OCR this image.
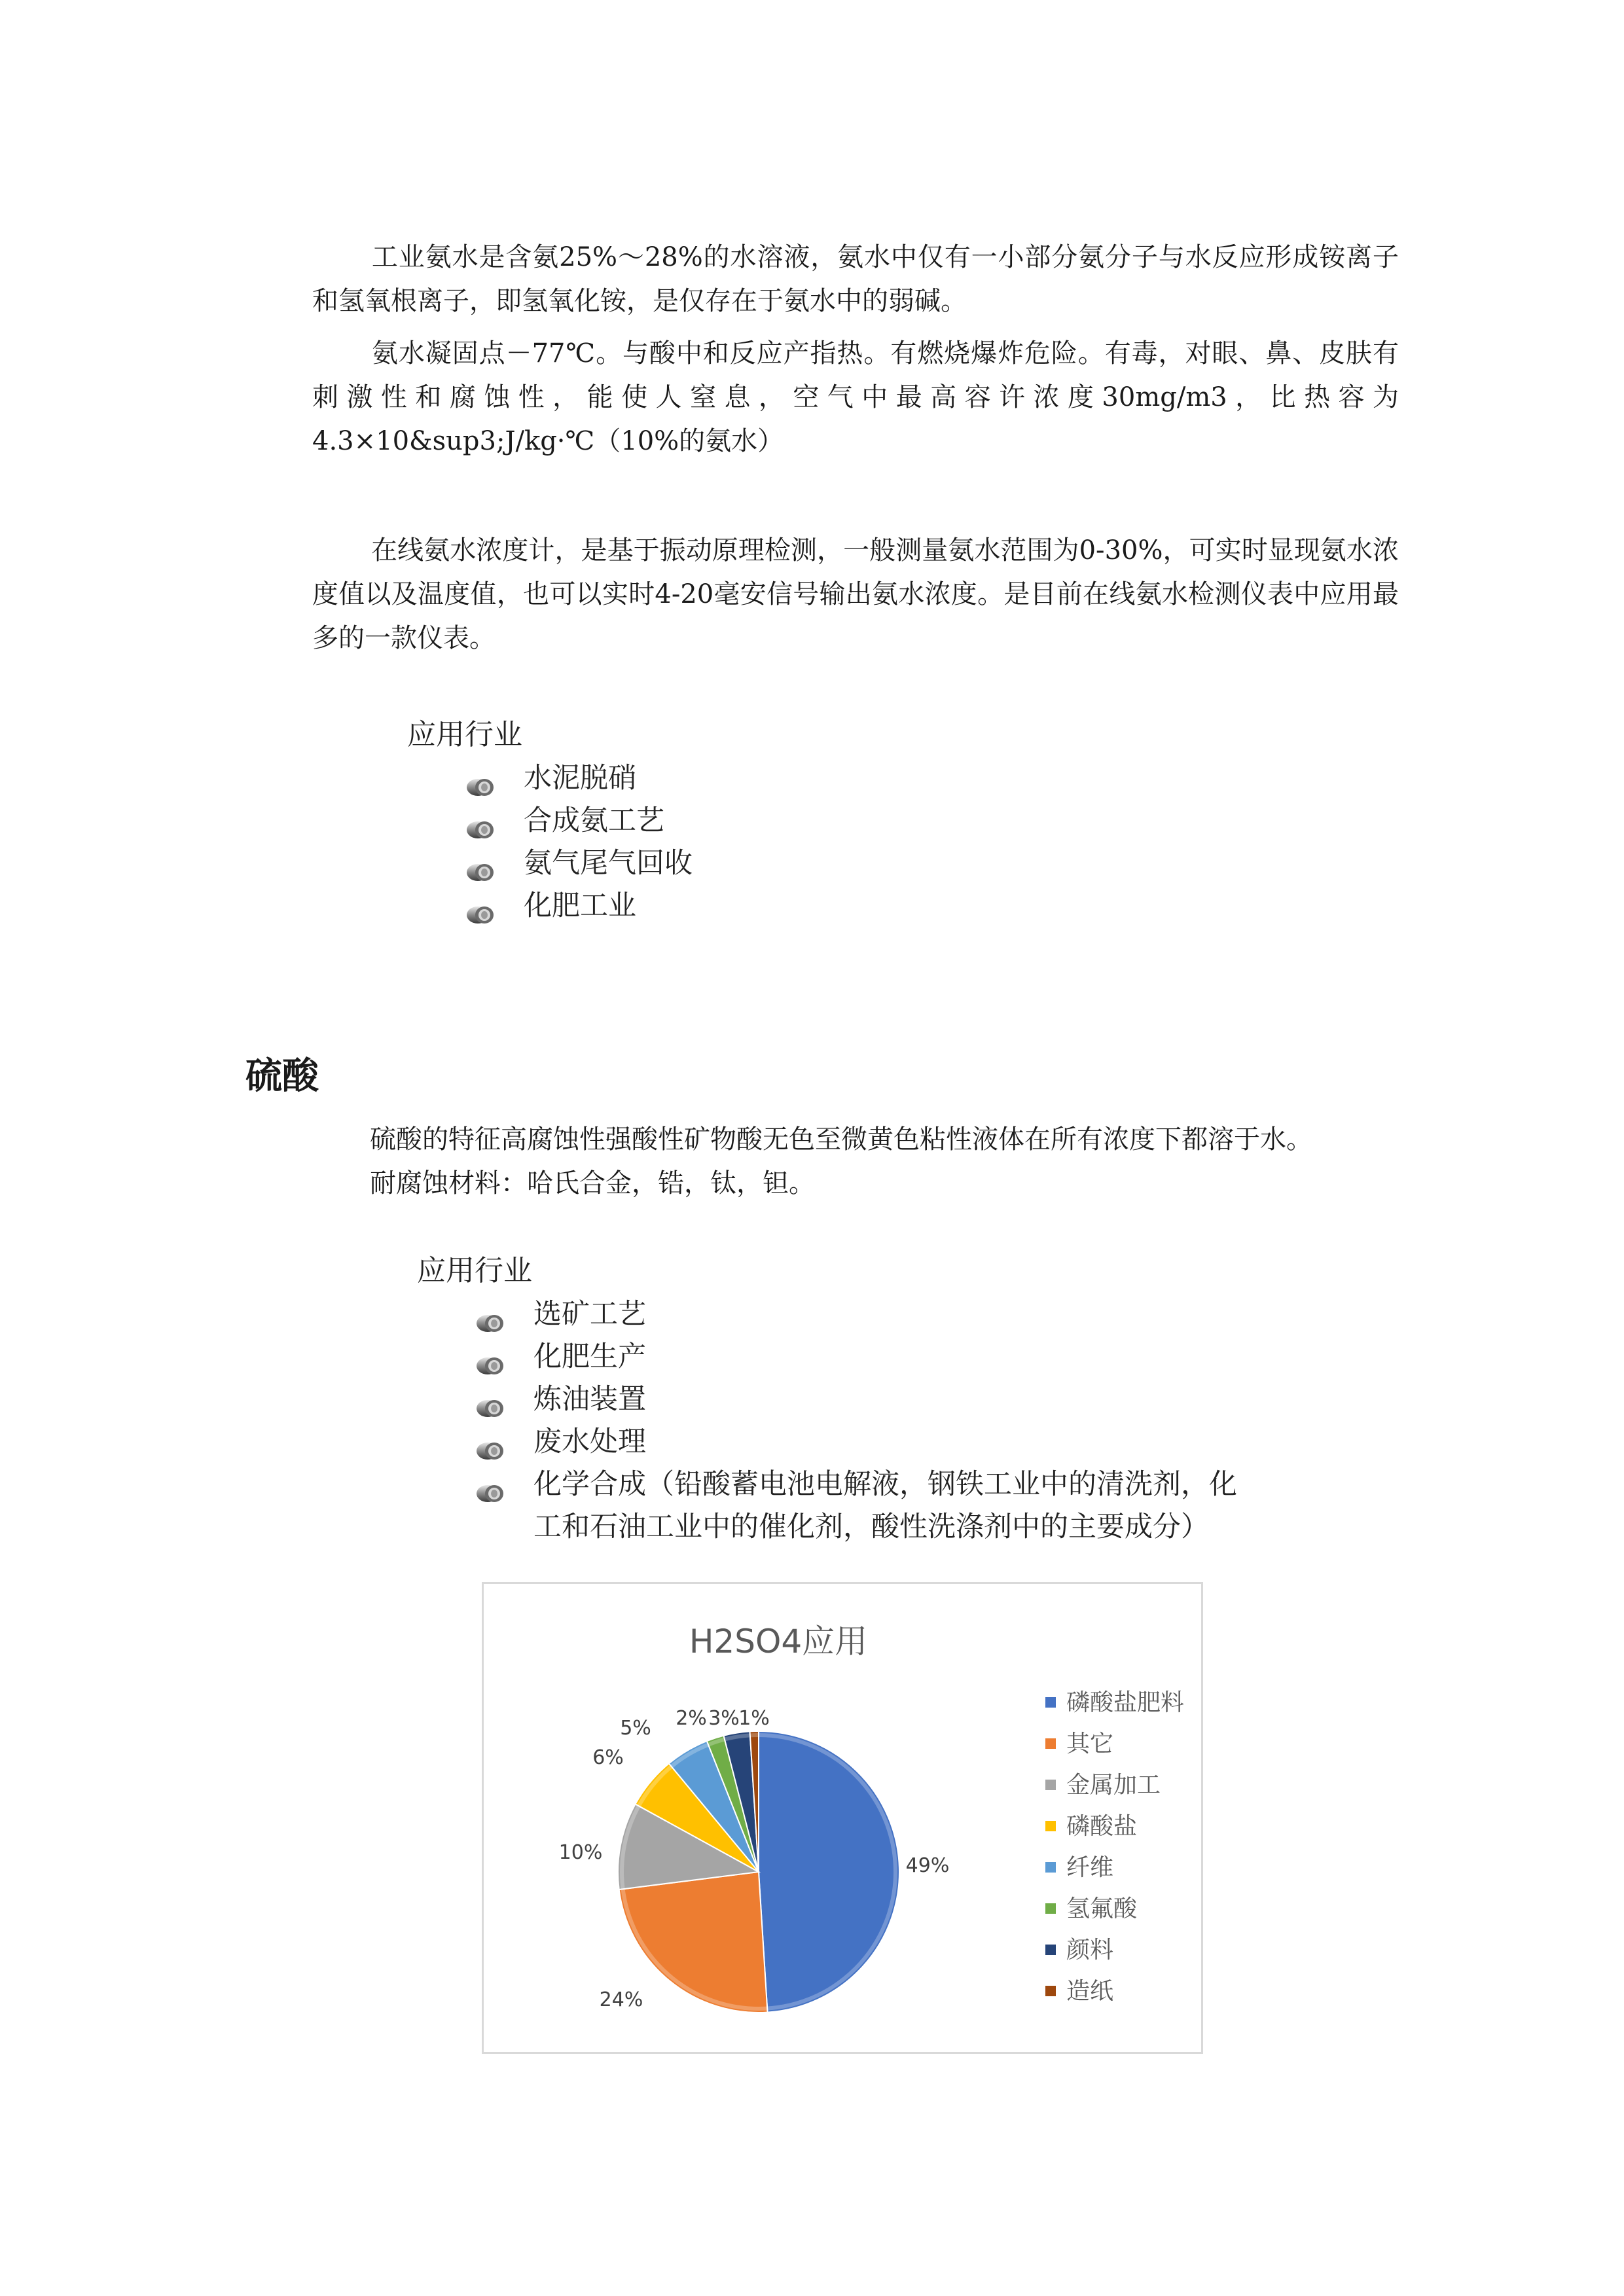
工业氨水是含氨25%～28%的水溶液，氨水中仅有一小部分氨分子与水反应形成铵离子和氢氧根离子，即氢氧化铵，是仅存在于氨水中的弱碱。

氨水凝固点－77℃。与酸中和反应产指热。有燃烧爆炸危险。有毒，对眼、鼻、皮肤有刺激性和腐蚀性，能使人窒息，空气中最高容许浓度30mg/m3，比热容为4.3×10&sup3;J/kg·℃（10%的氨水）

在线氨水浓度计，是基于振动原理检测，一般测量氨水范围为0-30%，可实时显现氨水浓度值以及温度值，也可以实时4-20毫安信号输出氨水浓度。是目前在线氨水检测仪表中应用最多的一款仪表。

应用行业
水泥脱硝
合成氨工艺
氨气尾气回收
化肥工业
硫酸

硫酸的特征高腐蚀性强酸性矿物酸无色至微黄色粘性液体在所有浓度下都溶于水。

耐腐蚀材料：哈氏合金，锆，钛，钽。

应用行业
选矿工艺
化肥生产
炼油装置
废水处理
化学合成（铅酸蓄电池电解液，钢铁工业中的清洗剂，化
工和石油工业中的催化剂，酸性洗涤剂中的主要成分）
H2SO4应用
49%
24%
10%
6%
5% 2% 3%
1%
磷酸盐肥料
其它
金属加工
磷酸盐
纤维
氢氟酸
颜料
造纸
